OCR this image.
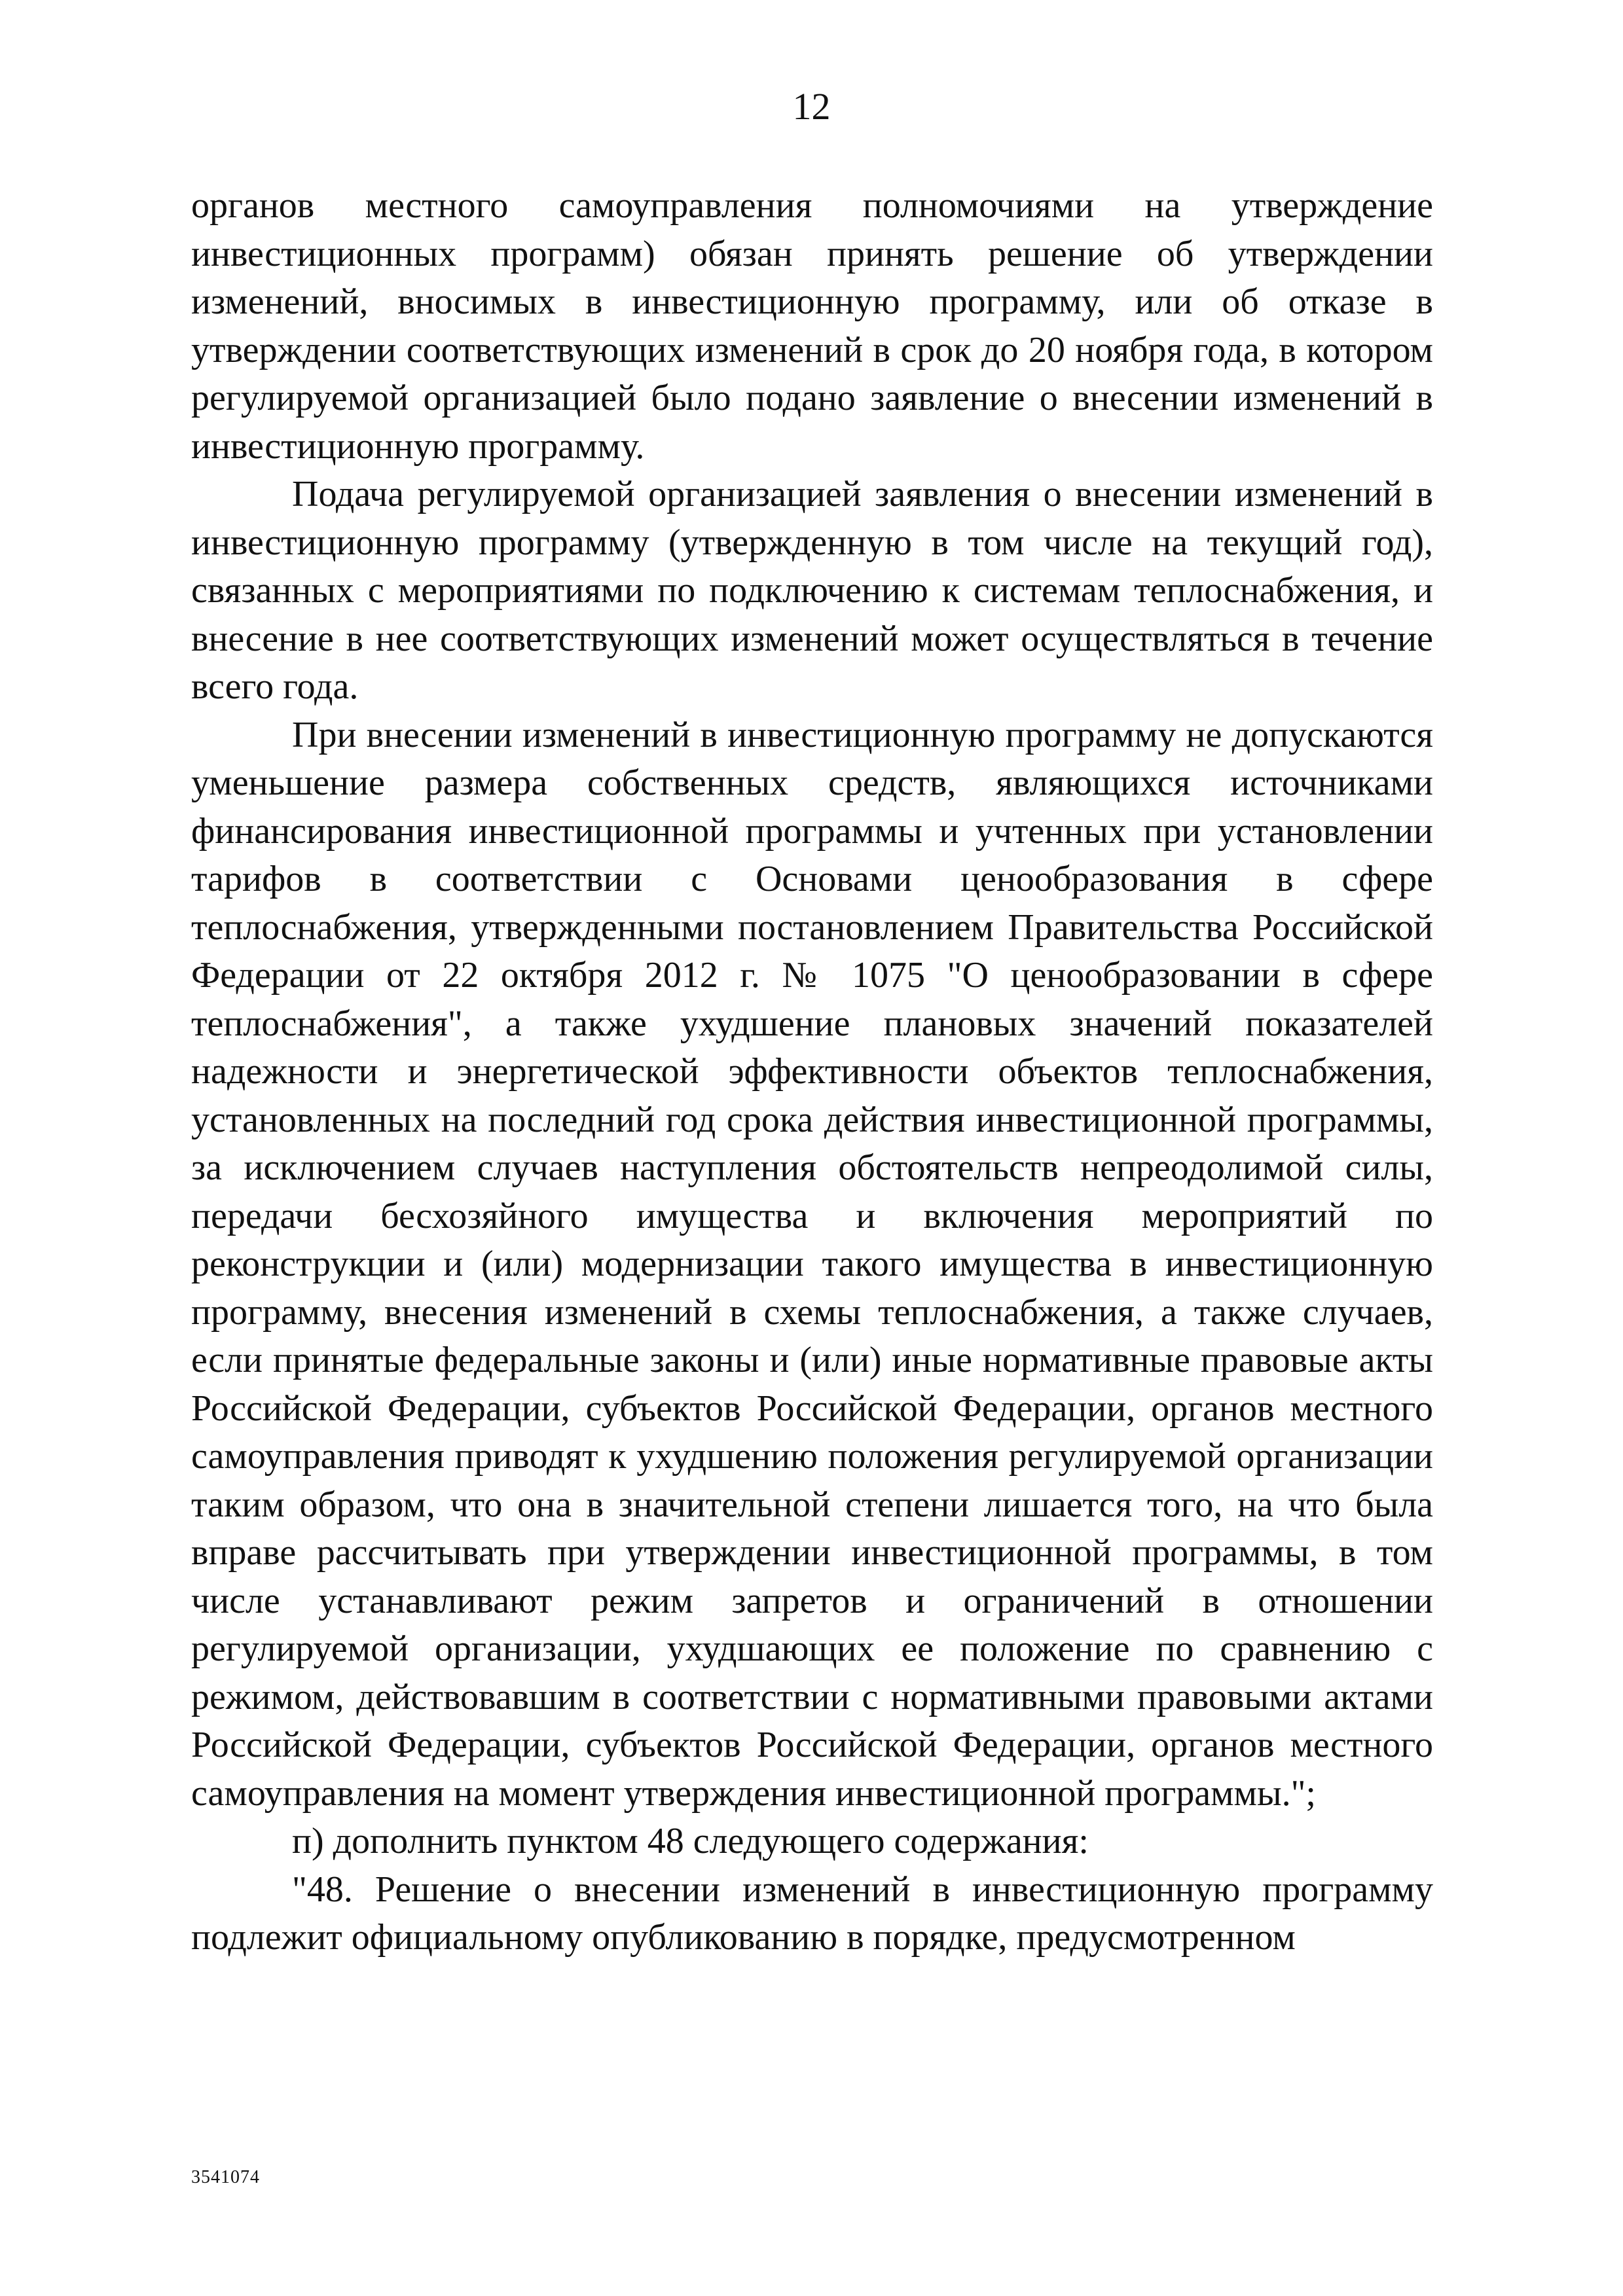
12

органов местного самоуправления полномочиями на утверждение инвестиционных программ) обязан принять решение об утверждении изменений, вносимых в инвестиционную программу, или об отказе в утверждении соответствующих изменений в срок до 20 ноября года, в котором регулируемой организацией было подано заявление о внесении изменений в инвестиционную программу.

Подача регулируемой организацией заявления о внесении изменений в инвестиционную программу (утвержденную в том числе на текущий год), связанных с мероприятиями по подключению к системам теплоснабжения, и внесение в нее соответствующих изменений может осуществляться в течение всего года.

При внесении изменений в инвестиционную программу не допускаются уменьшение размера собственных средств, являющихся источниками финансирования инвестиционной программы и учтенных при установлении тарифов в соответствии с Основами ценообразования в сфере теплоснабжения, утвержденными постановлением Правительства Российской Федерации от 22 октября 2012 г. № 1075 "О ценообразовании в сфере теплоснабжения", а также ухудшение плановых значений показателей надежности и энергетической эффективности объектов теплоснабжения, установленных на последний год срока действия инвестиционной программы, за исключением случаев наступления обстоятельств непреодолимой силы, передачи бесхозяйного имущества и включения мероприятий по реконструкции и (или) модернизации такого имущества в инвестиционную программу, внесения изменений в схемы теплоснабжения, а также случаев, если принятые федеральные законы и (или) иные нормативные правовые акты Российской Федерации, субъектов Российской Федерации, органов местного самоуправления приводят к ухудшению положения регулируемой организации таким образом, что она в значительной степени лишается того, на что была вправе рассчитывать при утверждении инвестиционной программы, в том числе устанавливают режим запретов и ограничений в отношении регулируемой организации, ухудшающих ее положение по сравнению с режимом, действовавшим в соответствии с нормативными правовыми актами Российской Федерации, субъектов Российской Федерации, органов местного самоуправления на момент утверждения инвестиционной программы.";

п) дополнить пунктом 48 следующего содержания:

"48. Решение о внесении изменений в инвестиционную программу подлежит официальному опубликованию в порядке, предусмотренном

3541074
